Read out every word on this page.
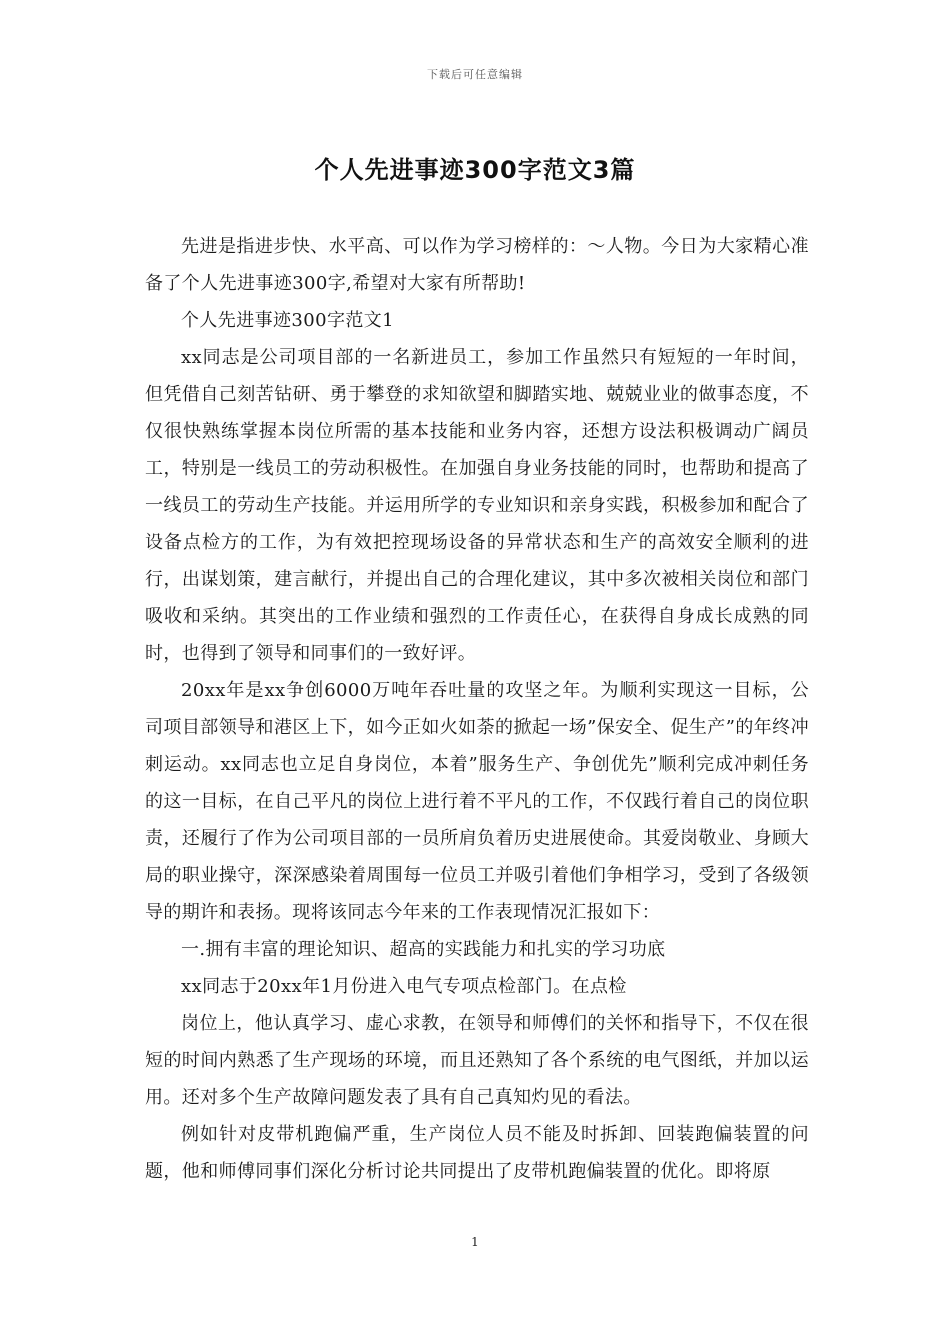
下载后可任意编辑
个人先进事迹300字范文3篇

先进是指进步快、水平高、可以作为学习榜样的：～人物。今日为大家精心准备了个人先进事迹300字,希望对大家有所帮助!

个人先进事迹300字范文1

xx同志是公司项目部的一名新进员工，参加工作虽然只有短短的一年时间，但凭借自己刻苦钻研、勇于攀登的求知欲望和脚踏实地、兢兢业业的做事态度，不仅很快熟练掌握本岗位所需的基本技能和业务内容，还想方设法积极调动广阔员工，特别是一线员工的劳动积极性。在加强自身业务技能的同时，也帮助和提高了一线员工的劳动生产技能。并运用所学的专业知识和亲身实践，积极参加和配合了设备点检方的工作，为有效把控现场设备的异常状态和生产的高效安全顺利的进行，出谋划策，建言献行，并提出自己的合理化建议，其中多次被相关岗位和部门吸收和采纳。其突出的工作业绩和强烈的工作责任心，在获得自身成长成熟的同时，也得到了领导和同事们的一致好评。

20xx年是xx争创6000万吨年吞吐量的攻坚之年。为顺利实现这一目标，公司项目部领导和港区上下，如今正如火如荼的掀起一场”保安全、促生产”的年终冲刺运动。xx同志也立足自身岗位，本着”服务生产、争创优先”顺利完成冲刺任务的这一目标，在自己平凡的岗位上进行着不平凡的工作，不仅践行着自己的岗位职责，还履行了作为公司项目部的一员所肩负着历史进展使命。其爱岗敬业、身顾大局的职业操守，深深感染着周围每一位员工并吸引着他们争相学习，受到了各级领导的期许和表扬。现将该同志今年来的工作表现情况汇报如下：

一.拥有丰富的理论知识、超高的实践能力和扎实的学习功底

xx同志于20xx年1月份进入电气专项点检部门。在点检

岗位上，他认真学习、虚心求教，在领导和师傅们的关怀和指导下，不仅在很短的时间内熟悉了生产现场的环境，而且还熟知了各个系统的电气图纸，并加以运用。还对多个生产故障问题发表了具有自己真知灼见的看法。

例如针对皮带机跑偏严重，生产岗位人员不能及时拆卸、回装跑偏装置的问题，他和师傅同事们深化分析讨论共同提出了皮带机跑偏装置的优化。即将原

1
